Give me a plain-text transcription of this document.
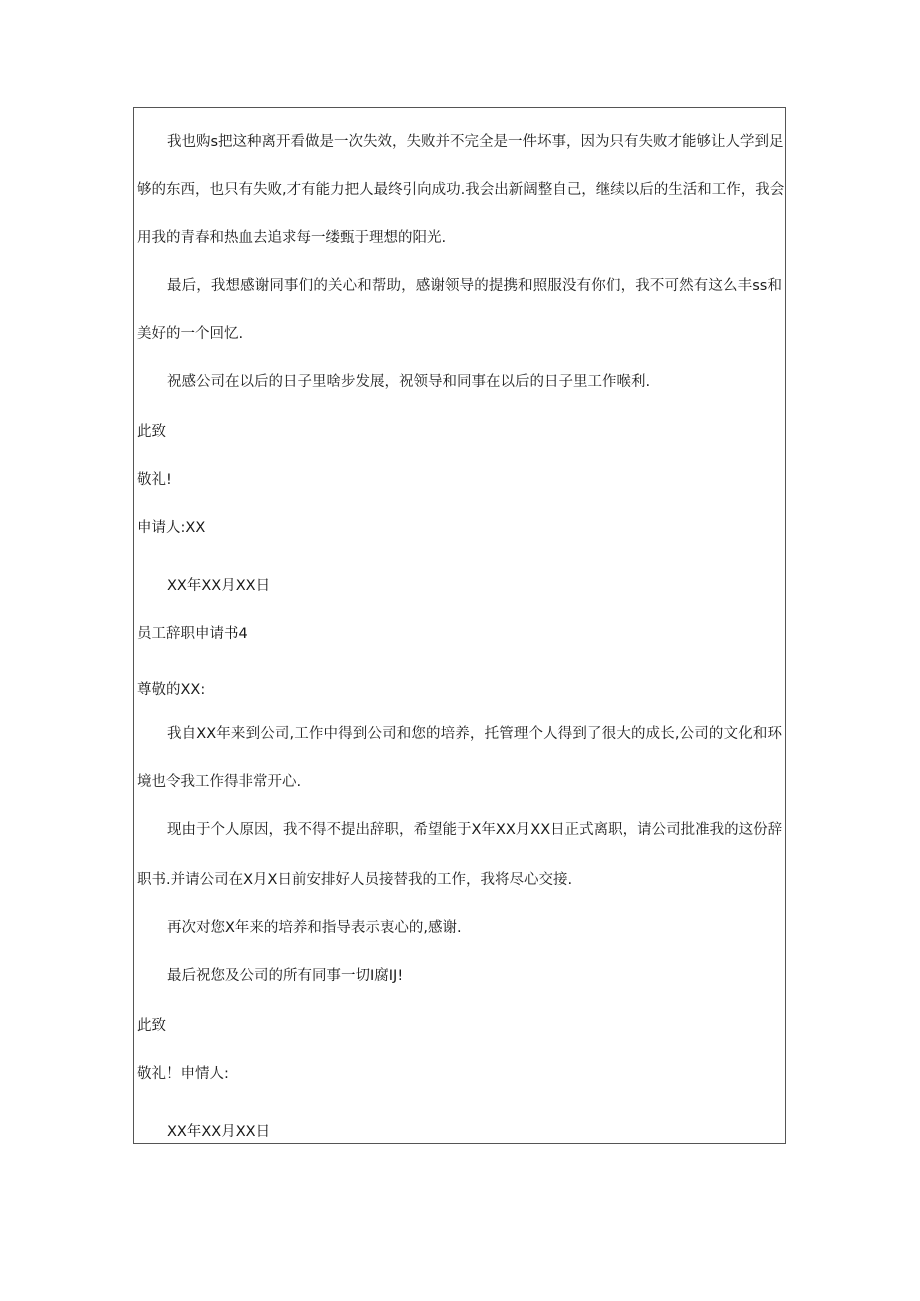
我也购s把这种离开看做是一次失效，失败并不完全是一件坏事，因为只有失败才能够让人学到足
够的东西，也只有失败,才有能力把人最终引向成功.我会出新阔整自己，继续以后的生活和工作，我会
用我的青春和热血去追求每一缕甄于理想的阳光.
最后，我想感谢同事们的关心和帮助，感谢领导的提携和照服没有你们，我不可然有这么丰ss和
美好的一个回忆.
祝感公司在以后的日子里啥步发展，祝领导和同事在以后的日子里工作喉利.
此致
敬礼!
申请人:XX
XX年XX月XX日
员工辞职申请书4
尊敬的XX:
我自XX年来到公司,工作中得到公司和您的培养，托管理个人得到了很大的成长,公司的文化和环
境也令我工作得非常开心.
现由于个人原因，我不得不提出辞职，希望能于X年XX月XX日正式离职，请公司批准我的这份辞
职书.并请公司在X月X日前安排好人员接替我的工作，我将尽心交接.
再次对您X年来的培养和指导表示衷心的,感谢.
最后祝您及公司的所有同事一切I腐IJ!
此致
敬礼！申情人:
XX年XX月XX日
